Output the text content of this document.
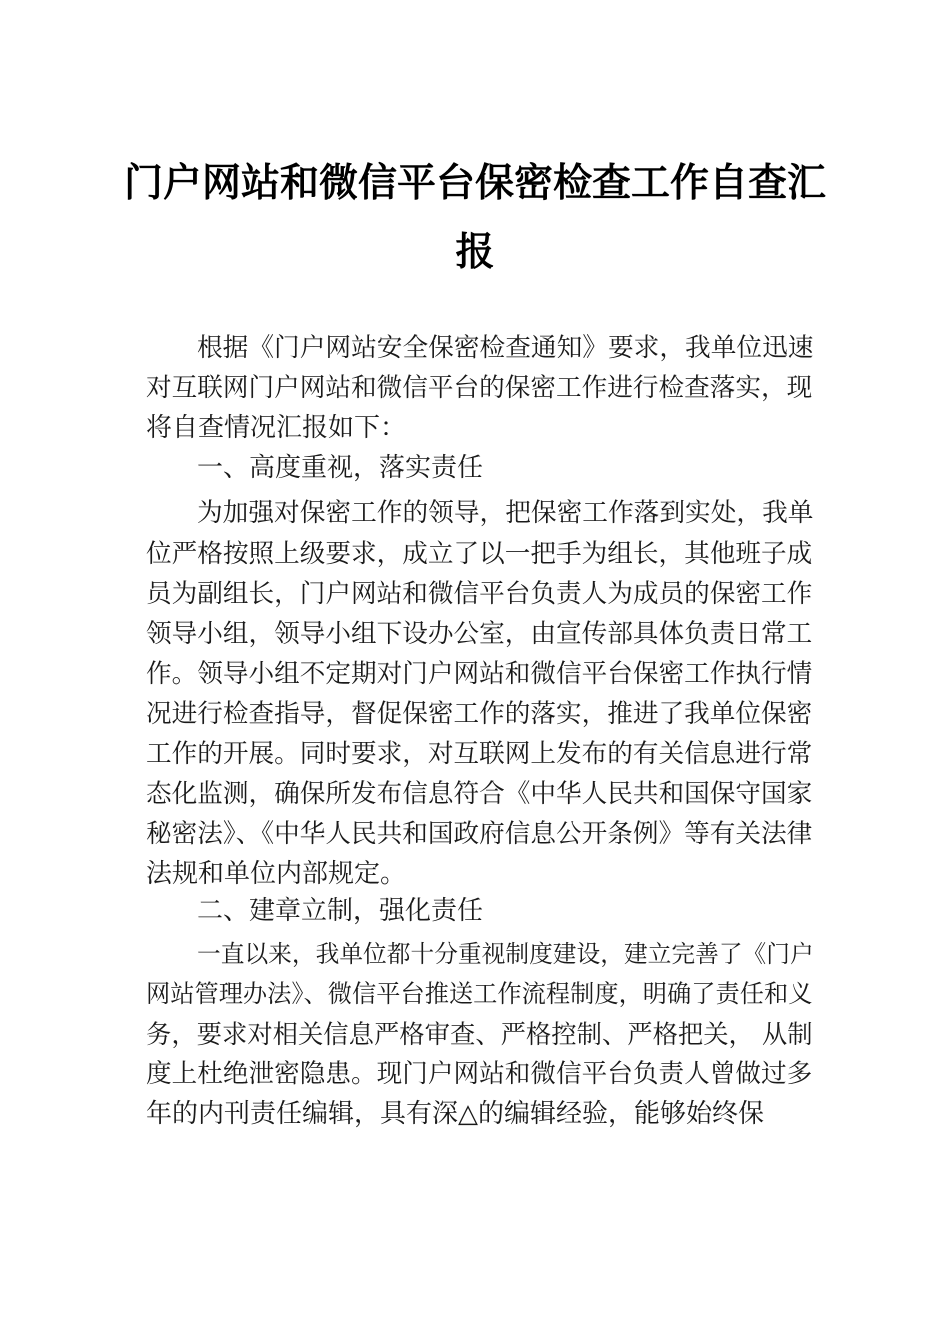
门户网站和微信平台保密检查工作自查汇
报
根据《门户网站安全保密检查通知》要求，我单位迅速
对互联网门户网站和微信平台的保密工作进行检查落实，现
将自查情况汇报如下：
一、高度重视，落实责任
为加强对保密工作的领导，把保密工作落到实处，我单
位严格按照上级要求，成立了以一把手为组长，其他班子成
员为副组长，门户网站和微信平台负责人为成员的保密工作
领导小组，领导小组下设办公室，由宣传部具体负责日常工
作。领导小组不定期对门户网站和微信平台保密工作执行情
况进行检查指导，督促保密工作的落实，推进了我单位保密
工作的开展。同时要求，对互联网上发布的有关信息进行常
态化监测，确保所发布信息符合《中华人民共和国保守国家
秘密法》、《中华人民共和国政府信息公开条例》等有关法律
法规和单位内部规定。
二、建章立制，强化责任
一直以来，我单位都十分重视制度建设，建立完善了《门户
网站管理办法》、微信平台推送工作流程制度，明确了责任和义
务，要求对相关信息严格审查、严格控制、严格把关， 从制
度上杜绝泄密隐患。现门户网站和微信平台负责人曾做过多
年的内刊责任编辑，具有深△的编辑经验，能够始终保
